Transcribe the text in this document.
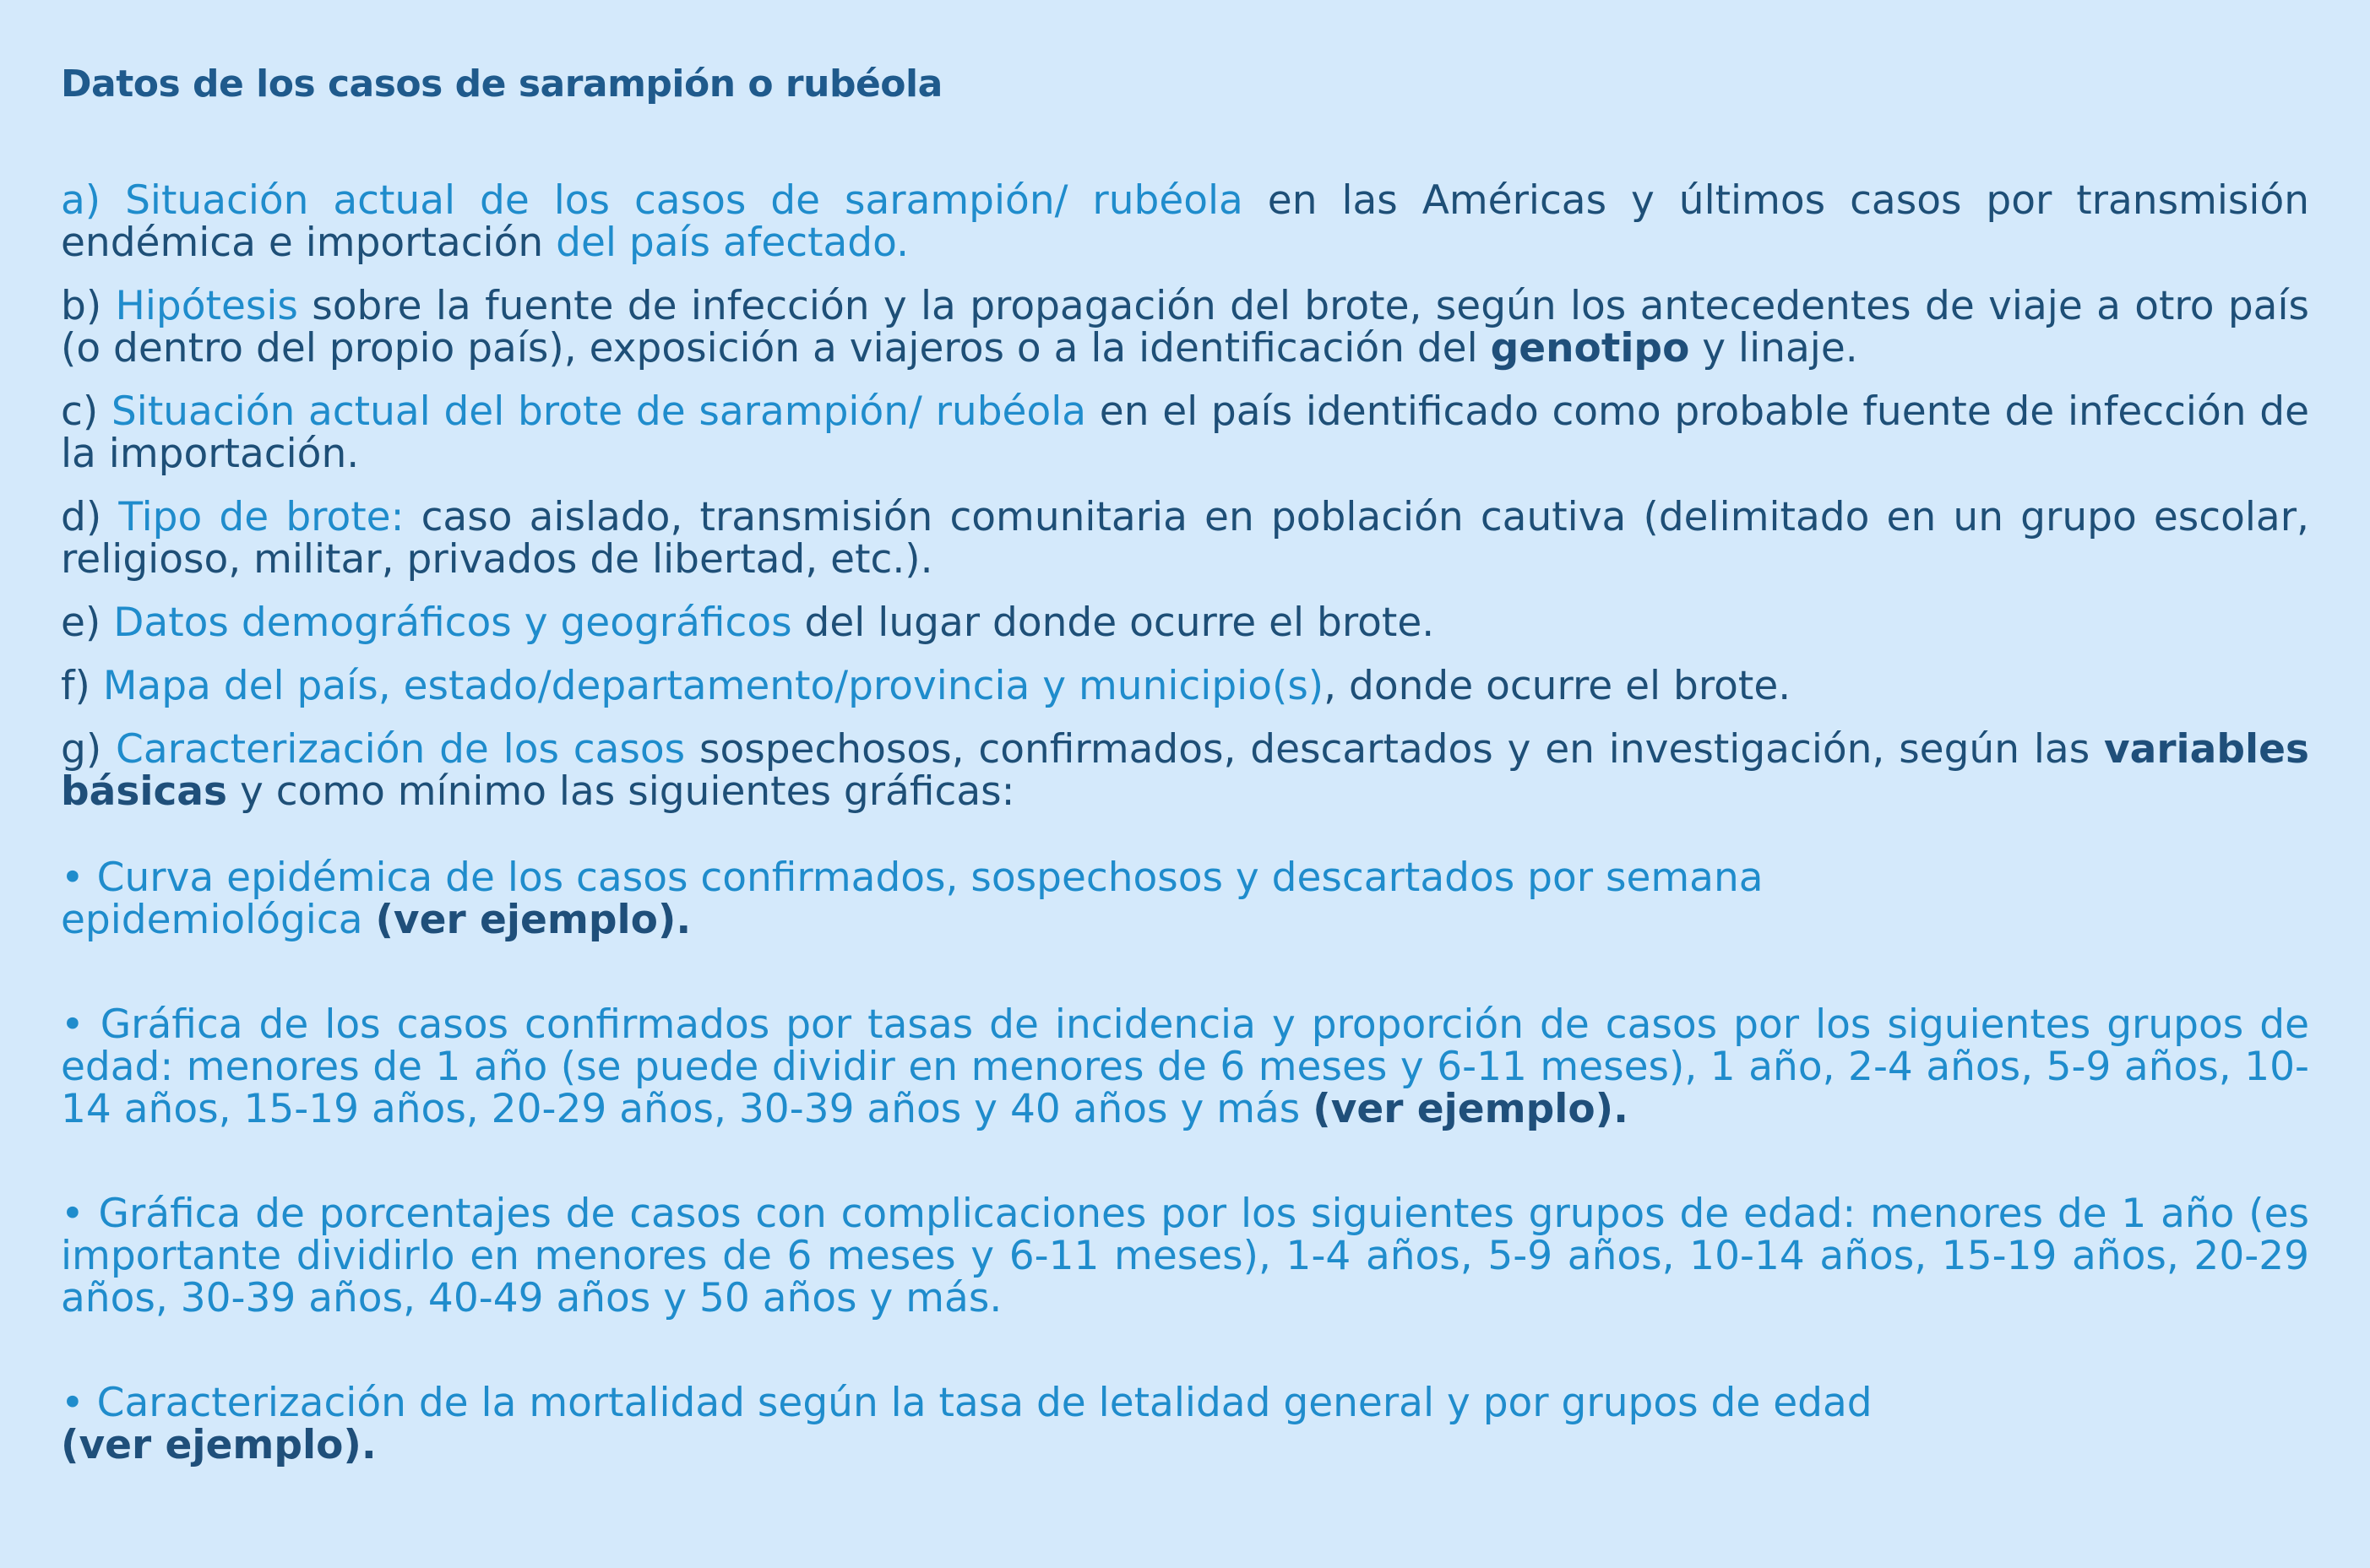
Datos de los casos de sarampión o rubéola

a) Situación actual de los casos de sarampión/ rubéola en las Américas y últimos casos por transmisión endémica e importación del país afectado.

b) Hipótesis sobre la fuente de infección y la propagación del brote, según los antecedentes de viaje a otro país (o dentro del propio país), exposición a viajeros o a la identificación del genotipo y linaje.

c) Situación actual del brote de sarampión/ rubéola en el país identificado como probable fuente de infección de la importación.

d) Tipo de brote: caso aislado, transmisión comunitaria en población cautiva (delimitado en un grupo escolar, religioso, militar, privados de libertad, etc.).

e) Datos demográficos y geográficos del lugar donde ocurre el brote.

f) Mapa del país, estado/departamento/provincia y municipio(s), donde ocurre el brote.

g) Caracterización de los casos sospechosos, confirmados, descartados y en investigación, según las variables básicas y como mínimo las siguientes gráficas:

• Curva epidémica de los casos confirmados, sospechosos y descartados por semana epidemiológica (ver ejemplo).

• Gráfica de los casos confirmados por tasas de incidencia y proporción de casos por los siguientes grupos de edad: menores de 1 año (se puede dividir en menores de 6 meses y 6-11 meses), 1 año, 2-4 años, 5-9 años, 10-14 años, 15-19 años, 20-29 años, 30-39 años y 40 años y más (ver ejemplo).

• Gráfica de porcentajes de casos con complicaciones por los siguientes grupos de edad: menores de 1 año (es importante dividirlo en menores de 6 meses y 6-11 meses), 1-4 años, 5-9 años, 10-14 años, 15-19 años, 20-29 años, 30-39 años, 40-49 años y 50 años y más.

• Caracterización de la mortalidad según la tasa de letalidad general y por grupos de edad (ver ejemplo).
